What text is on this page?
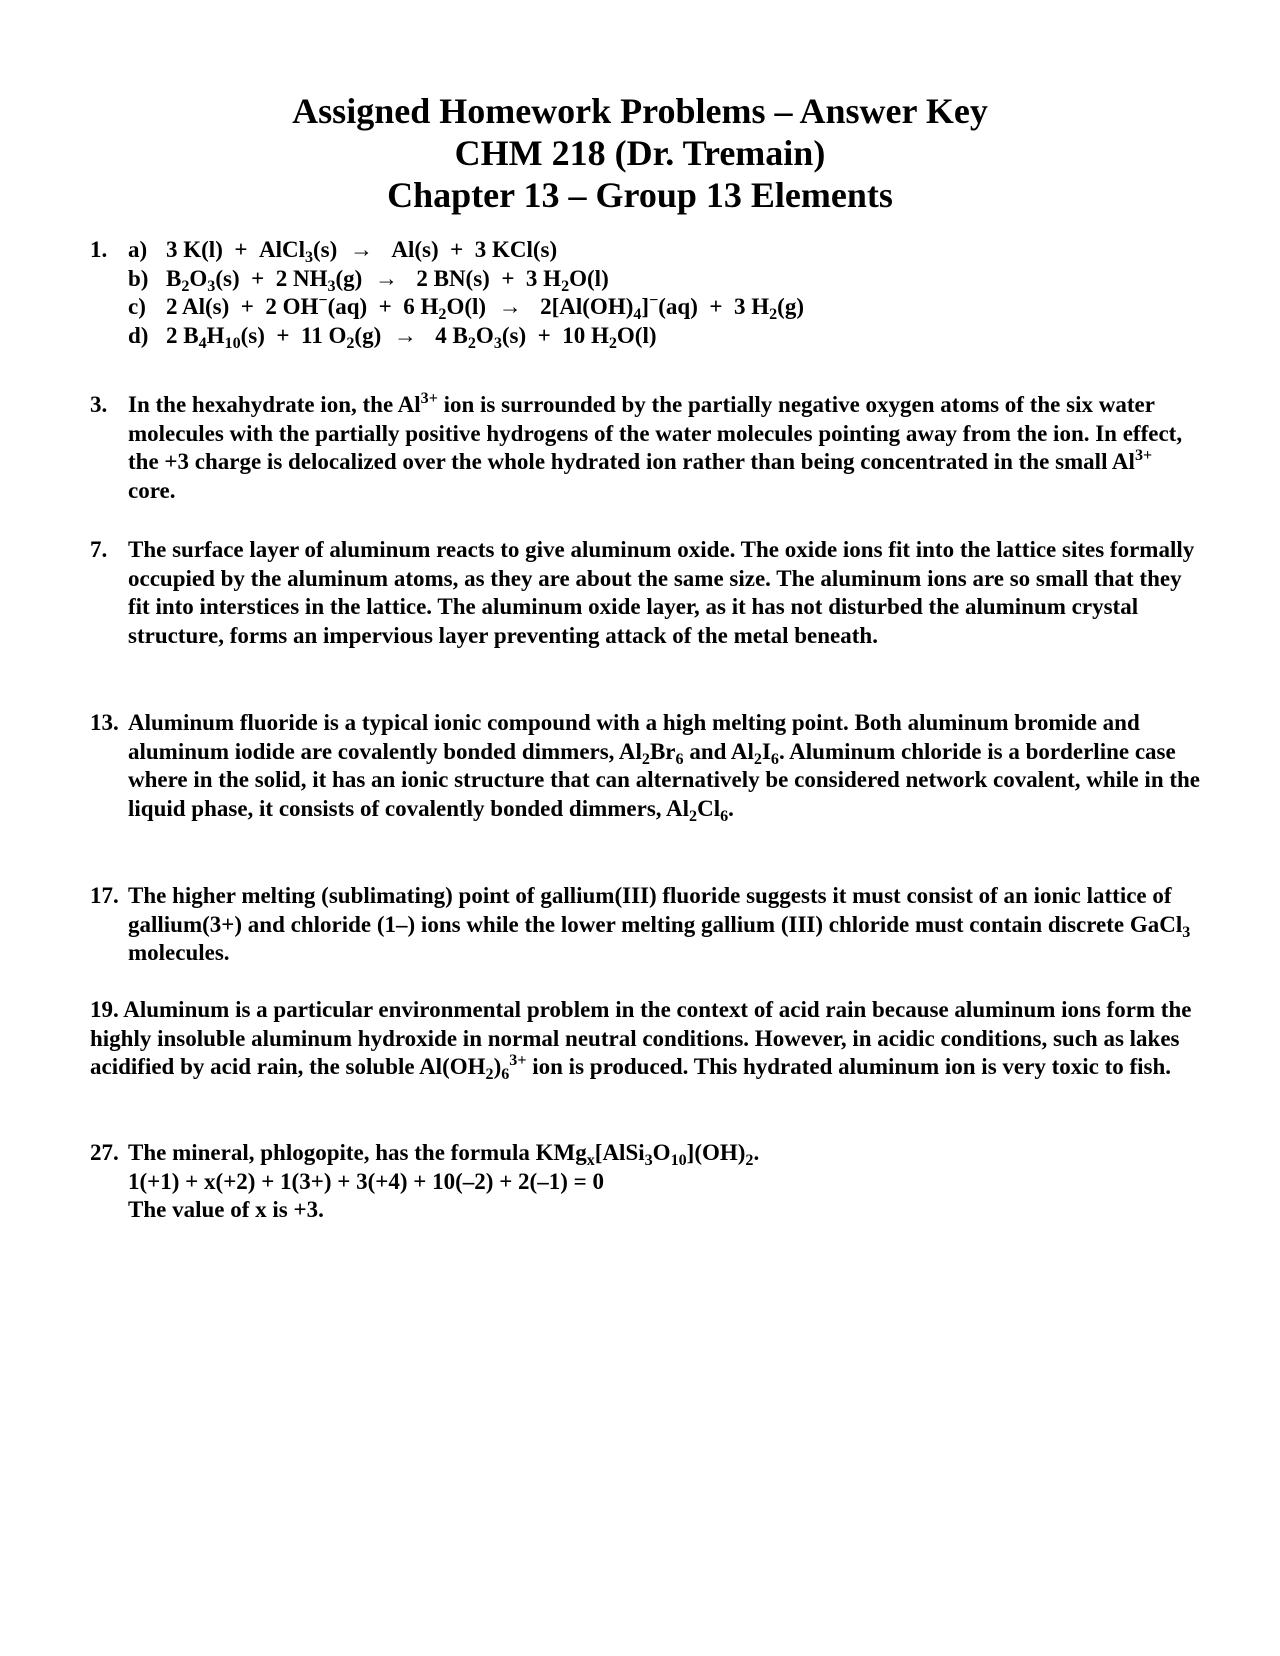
Assigned Homework Problems – Answer Key
CHM 218 (Dr. Tremain)
Chapter 13 – Group 13 Elements
1. a) 3 K(l)  +  AlCl$_3$(s) → Al(s)  +  3 KCl(s)
b) $B_2O_3(s) + 2$ $NH_3(g) \to 2$ BN(s)  +  3 $H_2O(l)$
c) 2 Al(s)  +  2 OH−(aq)  +  6 $H_2O(l) \to 2[Al(OH)_4]^-(aq) + 3$ $H_2(g)$
d) 2 $B_4H_{10}(s) + 11$ $O_2(g) \to 4$ $B_2O_3(s) + 10$ $H_2O(l)$
3. In the hexahydrate ion, the $Al^{3+}$ ion is surrounded by the partially negative oxygen atoms of the six water molecules with the partially positive hydrogens of the water molecules pointing away from the ion. In effect, the +3 charge is delocalized over the whole hydrated ion rather than being concentrated in the small $Al^{3+}$ core.
7. The surface layer of aluminum reacts to give aluminum oxide. The oxide ions fit into the lattice sites formally occupied by the aluminum atoms, as they are about the same size. The aluminum ions are so small that they fit into interstices in the lattice. The aluminum oxide layer, as it has not disturbed the aluminum crystal structure, forms an impervious layer preventing attack of the metal beneath.
13. Aluminum fluoride is a typical ionic compound with a high melting point. Both aluminum bromide and aluminum iodide are covalently bonded dimmers, $Al_2Br_6$ and $Al_2I_6$. Aluminum chloride is a borderline case where in the solid, it has an ionic structure that can alternatively be considered network covalent, while in the liquid phase, it consists of covalently bonded dimmers, $Al_2Cl_6$.
17. The higher melting (sublimating) point of gallium(III) fluoride suggests it must consist of an ionic lattice of gallium(3+) and chloride (1–) ions while the lower melting gallium (III) chloride must contain discrete GaCl$_3$ molecules.
19. Aluminum is a particular environmental problem in the context of acid rain because aluminum ions form the highly insoluble aluminum hydroxide in normal neutral conditions. However, in acidic conditions, such as lakes acidified by acid rain, the soluble $Al(OH_2)_6^{3+}$ ion is produced. This hydrated aluminum ion is very toxic to fish.
27. The mineral, phlogopite, has the formula $KMg_x[AlSi_3O_{10}](OH)_2$.
1(+1) + x(+2) + 1(3+) + 3(+4) + 10(–2) + 2(–1) = 0
The value of x is +3.
